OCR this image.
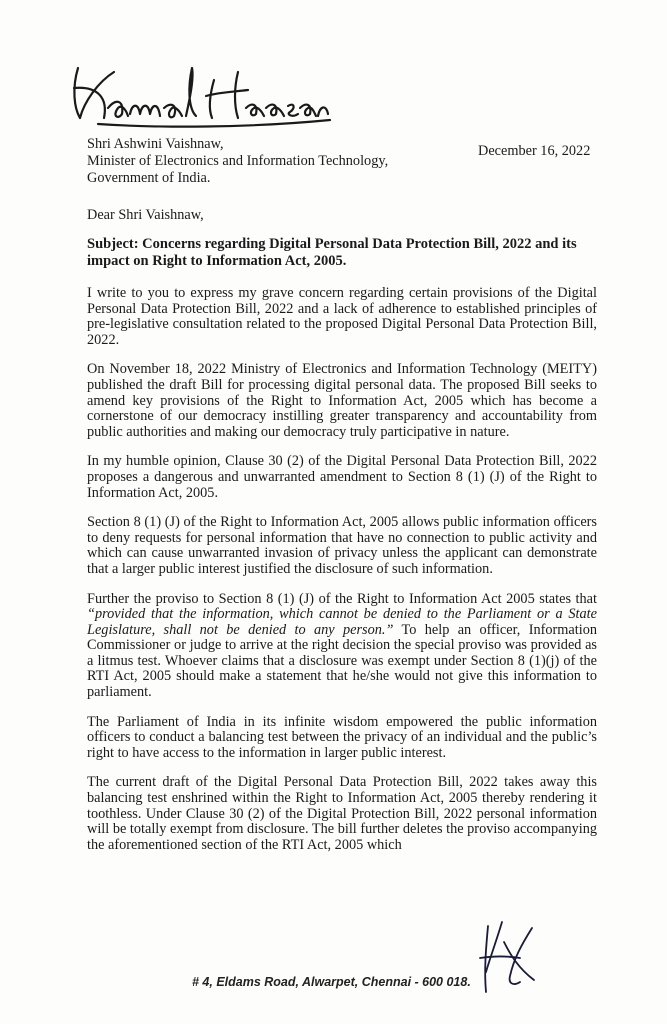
Shri Ashwini Vaishnaw,
Minister of Electronics and Information Technology,
Government of India.
December 16, 2022
Dear Shri Vaishnaw,
Subject: Concerns regarding Digital Personal Data Protection Bill, 2022 and its impact on Right to Information Act, 2005.

I write to you to express my grave concern regarding certain provisions of the Digital Personal Data Protection Bill, 2022 and a lack of adherence to established principles of pre-legislative consultation related to the proposed Digital Personal Data Protection Bill, 2022.

On November 18, 2022 Ministry of Electronics and Information Technology (MEITY) published the draft Bill for processing digital personal data. The proposed Bill seeks to amend key provisions of the Right to Information Act, 2005 which has become a cornerstone of our democracy instilling greater transparency and accountability from public authorities and making our democracy truly participative in nature.

In my humble opinion, Clause 30 (2) of the Digital Personal Data Protection Bill, 2022 proposes a dangerous and unwarranted amendment to Section 8 (1) (J) of the Right to Information Act, 2005.

Section 8 (1) (J) of the Right to Information Act, 2005 allows public information officers to deny requests for personal information that have no connection to public activity and which can cause unwarranted invasion of privacy unless the applicant can demonstrate that a larger public interest justified the disclosure of such information.

Further the proviso to Section 8 (1) (J) of the Right to Information Act 2005 states that “provided that the information, which cannot be denied to the Parliament or a State Legislature, shall not be denied to any person.” To help an officer, Information Commissioner or judge to arrive at the right decision the special proviso was provided as a litmus test. Whoever claims that a disclosure was exempt under Section 8 (1)(j) of the RTI Act, 2005 should make a statement that he/she would not give this information to parliament.

The Parliament of India in its infinite wisdom empowered the public information officers to conduct a balancing test between the privacy of an individual and the public’s right to have access to the information in larger public interest.

The current draft of the Digital Personal Data Protection Bill, 2022 takes away this balancing test enshrined within the Right to Information Act, 2005 thereby rendering it toothless. Under Clause 30 (2) of the Digital Protection Bill, 2022 personal information will be totally exempt from disclosure. The bill further deletes the proviso accompanying the aforementioned section of the RTI Act, 2005 which

# 4, Eldams Road, Alwarpet, Chennai - 600 018.
